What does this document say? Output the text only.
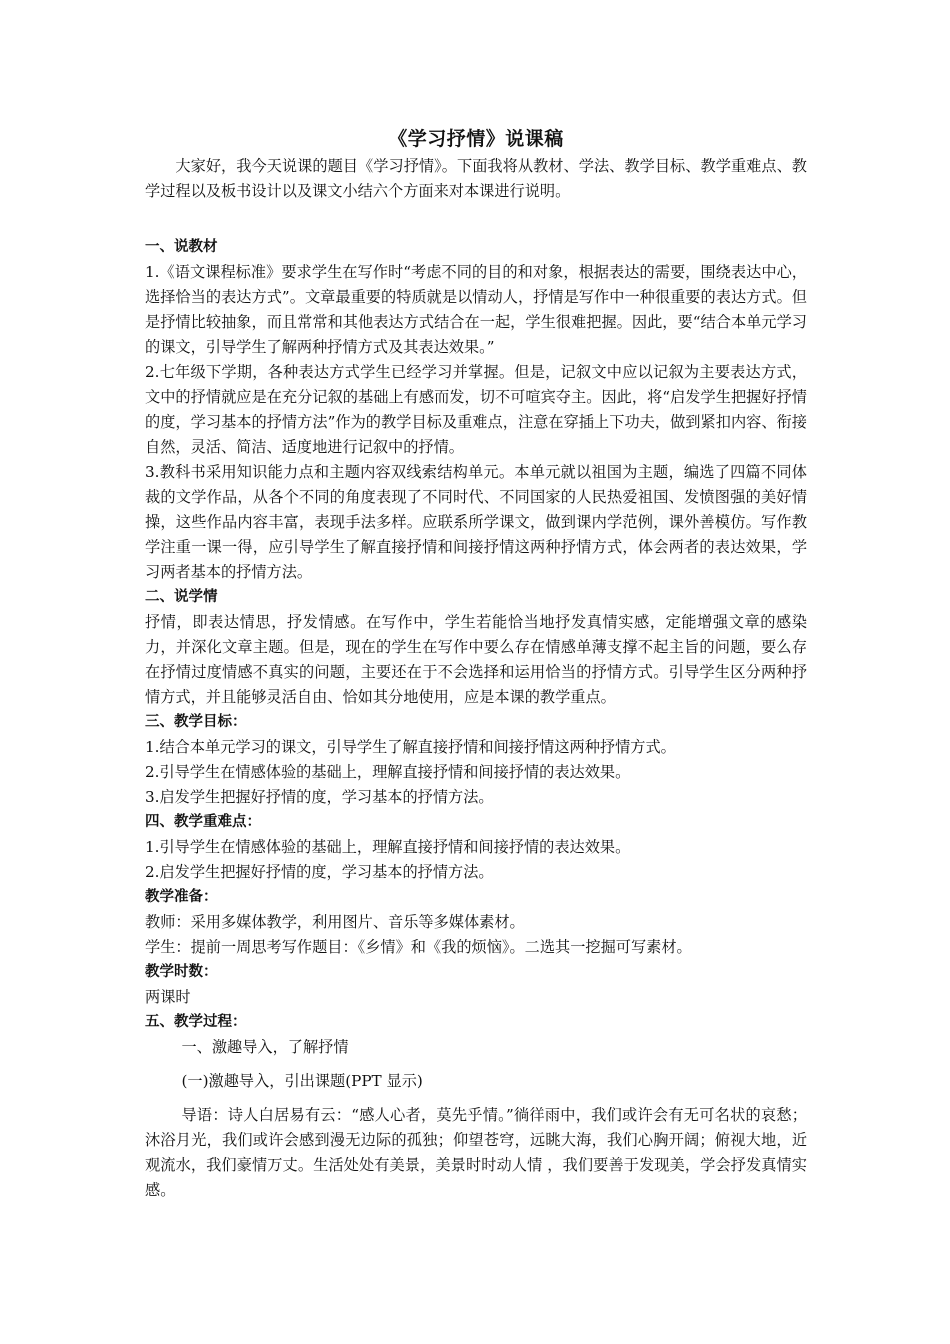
《学习抒情》说课稿

大家好，我今天说课的题目《学习抒情》。下面我将从教材、学法、教学目标、教学重难点、教学过程以及板书设计以及课文小结六个方面来对本课进行说明。

一、说教材

1.《语文课程标准》要求学生在写作时“考虑不同的目的和对象，根据表达的需要，围绕表达中心，选择恰当的表达方式”。文章最重要的特质就是以情动人，抒情是写作中一种很重要的表达方式。但是抒情比较抽象，而且常常和其他表达方式结合在一起，学生很难把握。因此，要“结合本单元学习的课文，引导学生了解两种抒情方式及其表达效果。”

2.七年级下学期，各种表达方式学生已经学习并掌握。但是，记叙文中应以记叙为主要表达方式，文中的抒情就应是在充分记叙的基础上有感而发，切不可喧宾夺主。因此，将“启发学生把握好抒情的度，学习基本的抒情方法”作为的教学目标及重难点，注意在穿插上下功夫，做到紧扣内容、衔接自然，灵活、简洁、适度地进行记叙中的抒情。

3.教科书采用知识能力点和主题内容双线索结构单元。本单元就以祖国为主题，编选了四篇不同体裁的文学作品，从各个不同的角度表现了不同时代、不同国家的人民热爱祖国、发愤图强的美好情操，这些作品内容丰富，表现手法多样。应联系所学课文，做到课内学范例，课外善模仿。写作教学注重一课一得，应引导学生了解直接抒情和间接抒情这两种抒情方式，体会两者的表达效果，学习两者基本的抒情方法。

二、说学情

抒情，即表达情思，抒发情感。在写作中，学生若能恰当地抒发真情实感，定能增强文章的感染力，并深化文章主题。但是，现在的学生在写作中要么存在情感单薄支撑不起主旨的问题，要么存在抒情过度情感不真实的问题，主要还在于不会选择和运用恰当的抒情方式。引导学生区分两种抒情方式，并且能够灵活自由、恰如其分地使用，应是本课的教学重点。

三、教学目标：

1.结合本单元学习的课文，引导学生了解直接抒情和间接抒情这两种抒情方式。

2.引导学生在情感体验的基础上，理解直接抒情和间接抒情的表达效果。

3.启发学生把握好抒情的度，学习基本的抒情方法。

四、教学重难点：

1.引导学生在情感体验的基础上，理解直接抒情和间接抒情的表达效果。

2.启发学生把握好抒情的度，学习基本的抒情方法。

教学准备：

教师：采用多媒体教学，利用图片、音乐等多媒体素材。

学生：提前一周思考写作题目：《乡情》和《我的烦恼》。二选其一挖掘可写素材。

教学时数：

两课时

五、教学过程：

一、激趣导入，了解抒情

(一)激趣导入，引出课题(PPT 显示)

导语：诗人白居易有云：“感人心者，莫先乎情。”徜徉雨中，我们或许会有无可名状的哀愁；沐浴月光，我们或许会感到漫无边际的孤独；仰望苍穹，远眺大海，我们心胸开阔；俯视大地，近观流水，我们豪情万丈。生活处处有美景，美景时时动人情 ，我们要善于发现美，学会抒发真情实感。
